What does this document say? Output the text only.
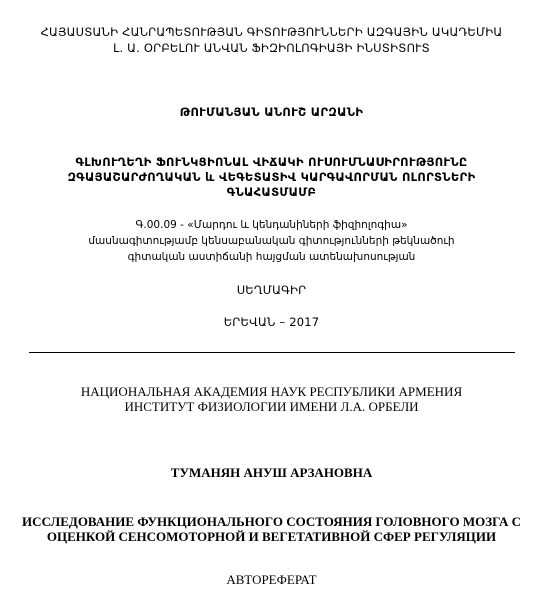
ՀԱՅԱՍՏԱՆԻ ՀԱՆՐԱՊԵՏՈՒԹՅԱՆ ԳԻՏՈՒԹՅՈՒՆՆԵՐԻ ԱԶԳԱՅԻՆ ԱԿԱԴԵՄԻԱ
Լ. Ա. ՕՐԲԵԼՈՒ ԱՆՎԱՆ ՖԻԶԻՈԼՈԳԻԱՅԻ ԻՆՍՏԻՏՈՒՏ
ԹՈՒՄԱՆՅԱՆ ԱՆՈՒՇ ԱՐԶԱՆԻ
ԳԼԽՈՒՂԵՂԻ ՖՈՒՆԿՑԻՈՆԱԼ ՎԻՃԱԿԻ ՈՒՍՈՒՄՆԱՍԻՐՈՒԹՅՈՒՆԸ
ԶԳԱՅԱՇԱՐԺՈՂԱԿԱՆ և ՎԵԳԵՏԱՏԻՎ ԿԱՐԳԱՎՈՐՄԱՆ ՈԼՈՐՏՆԵՐԻ
ԳՆԱՀԱՏՄԱՄԲ
Գ.00.09 - «Մարդու և կենդանիների ֆիզիոլոգիա»
մասնագիտությամբ կենսաբանական գիտությունների թեկնածուի
գիտական աստիճանի հայցման ատենախոսության
ՍԵՂՄԱԳԻՐ
ԵՐԵՎԱՆ – 2017
НАЦИОНАЛЬНАЯ АКАДЕМИЯ НАУК РЕСПУБЛИКИ АРМЕНИЯ
ИНСТИТУТ ФИЗИОЛОГИИ ИМЕНИ Л.А. ОРБЕЛИ
ТУМАНЯН АНУШ АРЗАНОВНА
ИССЛЕДОВАНИЕ ФУНКЦИОНАЛЬНОГО СОСТОЯНИЯ ГОЛОВНОГО МОЗГА С
ОЦЕНКОЙ СЕНСОМОТОРНОЙ И ВЕГЕТАТИВНОЙ СФЕР РЕГУЛЯЦИИ
АВТОРЕФЕРАТ
